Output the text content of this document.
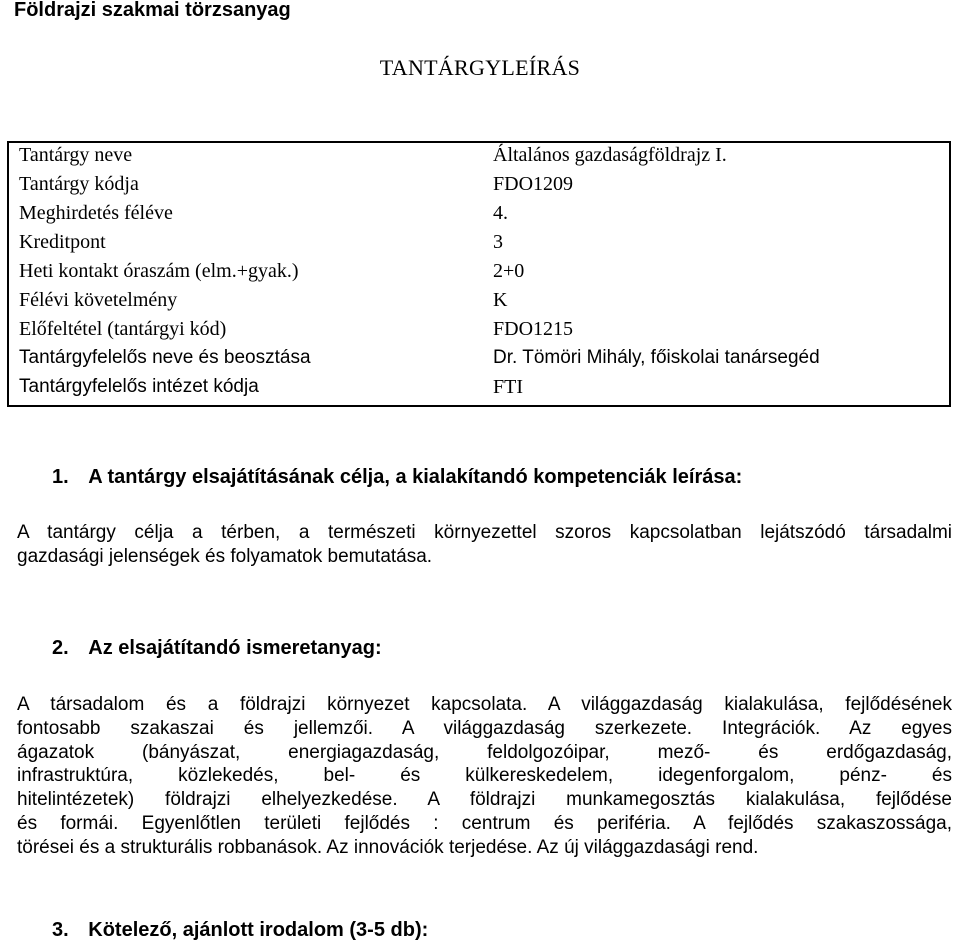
Földrajzi szakmai törzsanyag
TANTÁRGYLEÍRÁS
Tantárgy neve	Általános gazdaságföldrajz I.
Tantárgy kódja	FDO1209
Meghirdetés féléve	4.
Kreditpont	3
Heti kontakt óraszám (elm.+gyak.)	2+0
Félévi követelmény	K
Előfeltétel (tantárgyi kód)	FDO1215
Tantárgyfelelős neve és beosztása	Dr. Tömöri Mihály, főiskolai tanársegéd
Tantárgyfelelős intézet kódja	FTI
1. A tantárgy elsajátításának célja, a kialakítandó kompetenciák leírása:
A tantárgy célja a térben, a természeti környezettel szoros kapcsolatban lejátszódó társadalmi
gazdasági jelenségek és folyamatok bemutatása.
2. Az elsajátítandó ismeretanyag:
A társadalom és a földrajzi környezet kapcsolata. A világgazdaság kialakulása, fejlődésének
fontosabb szakaszai és jellemzői. A világgazdaság szerkezete. Integrációk. Az egyes
ágazatok (bányászat, energiagazdaság, feldolgozóipar, mező- és erdőgazdaság,
infrastruktúra, közlekedés, bel- és külkereskedelem, idegenforgalom, pénz- és
hitelintézetek) földrajzi elhelyezkedése. A földrajzi munkamegosztás kialakulása, fejlődése
és formái. Egyenlőtlen területi fejlődés : centrum és periféria. A fejlődés szakaszossága,
törései és a strukturális robbanások. Az innovációk terjedése. Az új világgazdasági rend.
3. Kötelező, ajánlott irodalom (3-5 db):
